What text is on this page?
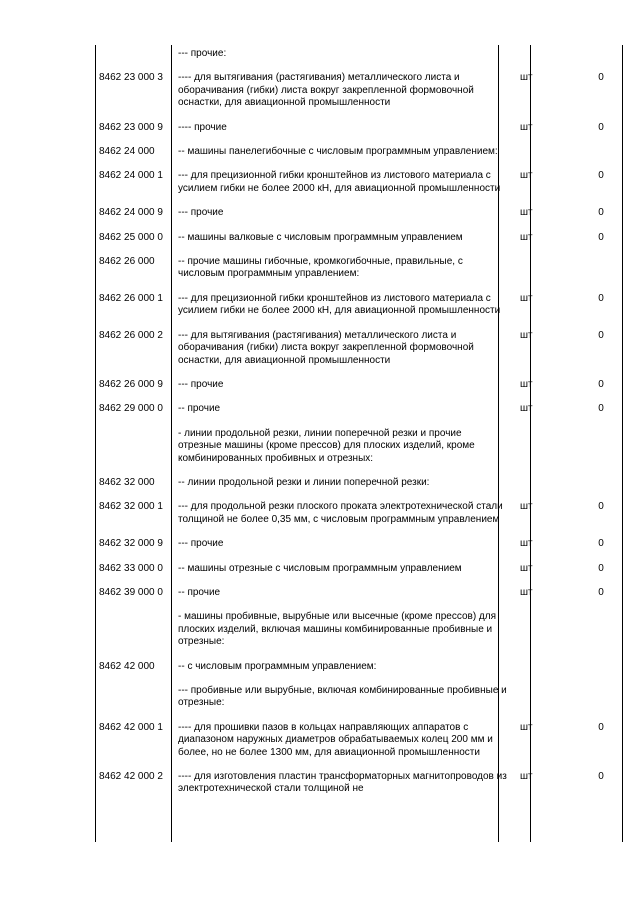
	--- прочие:		
8462 23 000 3	---- для вытягивания (растягивания) металлического листа и оборачивания (гибки) листа вокруг закрепленной формовочной оснастки, для авиационной промышленности	шт	0
8462 23 000 9	---- прочие	шт	0
8462 24 000	-- машины панелегибочные с числовым программным управлением:		
8462 24 000 1	--- для прецизионной гибки кронштейнов из листового материала с усилием гибки не более 2000 кН, для авиационной промышленности	шт	0
8462 24 000 9	--- прочие	шт	0
8462 25 000 0	-- машины валковые с числовым программным управлением	шт	0
8462 26 000	-- прочие машины гибочные, кромкогибочные, правильные, с числовым программным управлением:		
8462 26 000 1	--- для прецизионной гибки кронштейнов из листового материала с усилием гибки не более 2000 кН, для авиационной промышленности	шт	0
8462 26 000 2	--- для вытягивания (растягивания) металлического листа и оборачивания (гибки) листа вокруг закрепленной формовочной оснастки, для авиационной промышленности	шт	0
8462 26 000 9	--- прочие	шт	0
8462 29 000 0	-- прочие	шт	0
	- линии продольной резки, линии поперечной резки и прочие отрезные машины (кроме прессов) для плоских изделий, кроме комбинированных пробивных и отрезных:		
8462 32 000	-- линии продольной резки и линии поперечной резки:		
8462 32 000 1	--- для продольной резки плоского проката электротехнической стали толщиной не более 0,35 мм, с числовым программным управлением	шт	0
8462 32 000 9	--- прочие	шт	0
8462 33 000 0	-- машины отрезные с числовым программным управлением	шт	0
8462 39 000 0	-- прочие	шт	0
	- машины пробивные, вырубные или высечные (кроме прессов) для плоских изделий, включая машины комбинированные пробивные и отрезные:		
8462 42 000	-- с числовым программным управлением:		
	--- пробивные или вырубные, включая комбинированные пробивные и отрезные:		
8462 42 000 1	---- для прошивки пазов в кольцах направляющих аппаратов с диапазоном наружных диаметров обрабатываемых колец 200 мм и более, но не более 1300 мм, для авиационной промышленности	шт	0
8462 42 000 2	---- для изготовления пластин трансформаторных магнитопроводов из электротехнической стали толщиной не	шт	0
